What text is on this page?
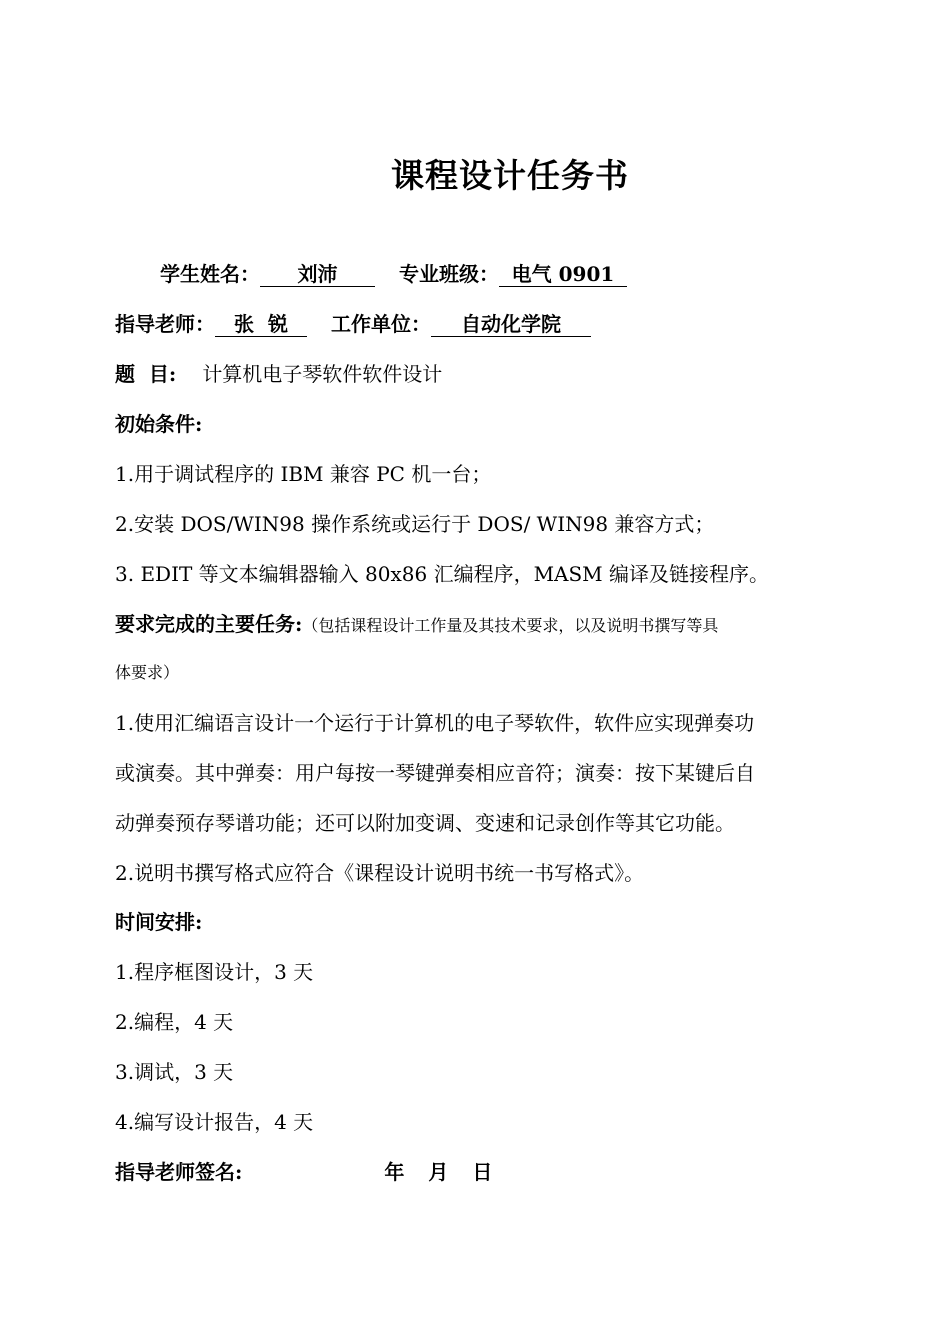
课程设计任务书
学生姓名： 刘沛	专业班级： 电气 0901
指导老师： 张  锐 工作单位： 自动化学院
题  目: 计算机电子琴软件软件设计
初始条件:
1.用于调试程序的 IBM 兼容 PC 机一台；
2.安装 DOS/WIN98 操作系统或运行于 DOS/ WIN98 兼容方式；
3. EDIT 等文本编辑器输入 80x86 汇编程序，MASM 编译及链接程序。
要求完成的主要任务:（包括课程设计工作量及其技术要求，以及说明书撰写等具
体要求）
1.使用汇编语言设计一个运行于计算机的电子琴软件，软件应实现弹奏功
或演奏。其中弹奏：用户每按一琴键弹奏相应音符；演奏：按下某键后自
动弹奏预存琴谱功能；还可以附加变调、变速和记录创作等其它功能。
2.说明书撰写格式应符合《课程设计说明书统一书写格式》。
时间安排:
1.程序框图设计，3 天
2.编程，4 天
3.调试，3 天
4.编写设计报告，4 天
指导老师签名:	年 月 日
